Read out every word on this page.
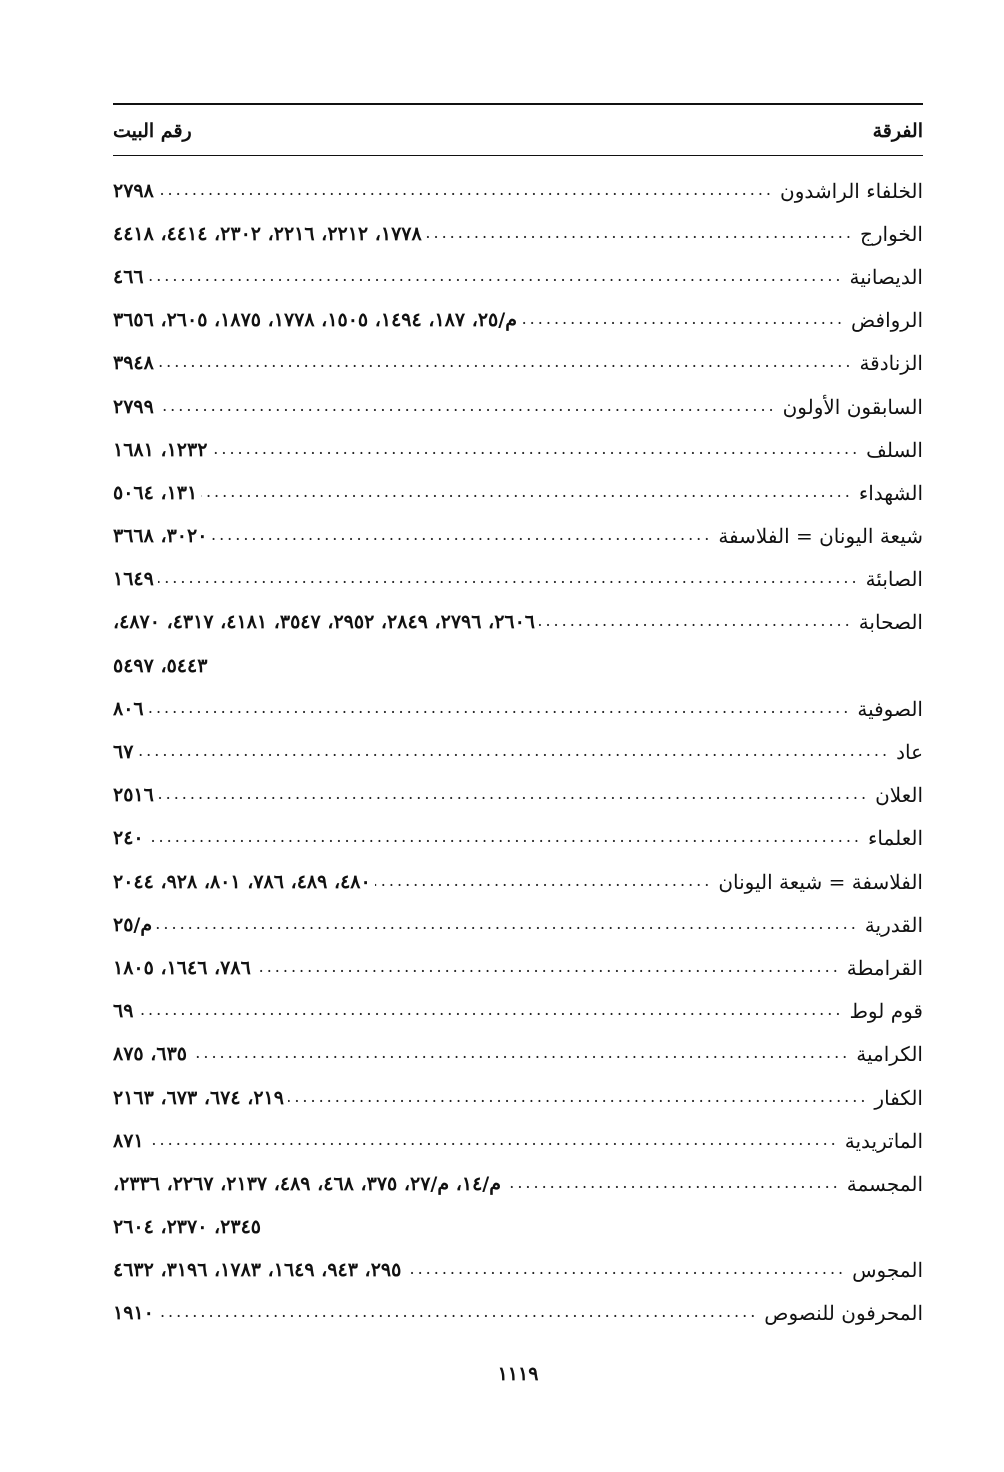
الفرقة
رقم البيت
الخلفاء الراشدون
.....
٢٧٩٨
الخوارج
.....
١٧٧٨، ٢٢١٢، ٢٢١٦، ٢٣٠٢، ٤٤١٤، ٤٤١٨
الديصانية
.....
٤٦٦
الروافض
.....
م/٢٥، ١٨٧، ١٤٩٤، ١٥٠٥، ١٧٧٨، ١٨٧٥، ٢٦٠٥، ٣٦٥٦
الزنادقة
.....
٣٩٤٨
السابقون الأولون
.....
٢٧٩٩
السلف
.....
١٢٣٢، ١٦٨١
الشهداء
.....
١٣١، ٥٠٦٤
شيعة اليونان = الفلاسفة
.....
٣٠٢٠، ٣٦٦٨
الصابئة
.....
١٦٤٩
الصحابة
.....
٢٦٠٦، ٢٧٩٦، ٢٨٤٩، ٢٩٥٢، ٣٥٤٧، ٤١٨١، ٤٣١٧، ٤٨٧٠،
٥٤٤٣، ٥٤٩٧
الصوفية
.....
٨٠٦
عاد
.....
٦٧
العلان
.....
٢٥١٦
العلماء
.....
٢٤٠
الفلاسفة = شيعة اليونان
.....
٤٨٠، ٤٨٩، ٧٨٦، ٨٠١، ٩٢٨، ٢٠٤٤
القدرية
.....
م/٢٥
القرامطة
.....
٧٨٦، ١٦٤٦، ١٨٠٥
قوم لوط
.....
٦٩
الكرامية
.....
٦٣٥، ٨٧٥
الكفار
.....
٢١٩، ٦٧٤، ٦٧٣، ٢١٦٣
الماتريدية
.....
٨٧١
المجسمة
.....
م/١٤، م/٢٧، ٣٧٥، ٤٦٨، ٤٨٩، ٢١٣٧، ٢٢٦٧، ٢٣٣٦،
٢٣٤٥، ٢٣٧٠، ٢٦٠٤
المجوس
.....
٢٩٥، ٩٤٣، ١٦٤٩، ١٧٨٣، ٣١٩٦، ٤٦٣٢
المحرفون للنصوص
.....
١٩١٠
١١١٩
